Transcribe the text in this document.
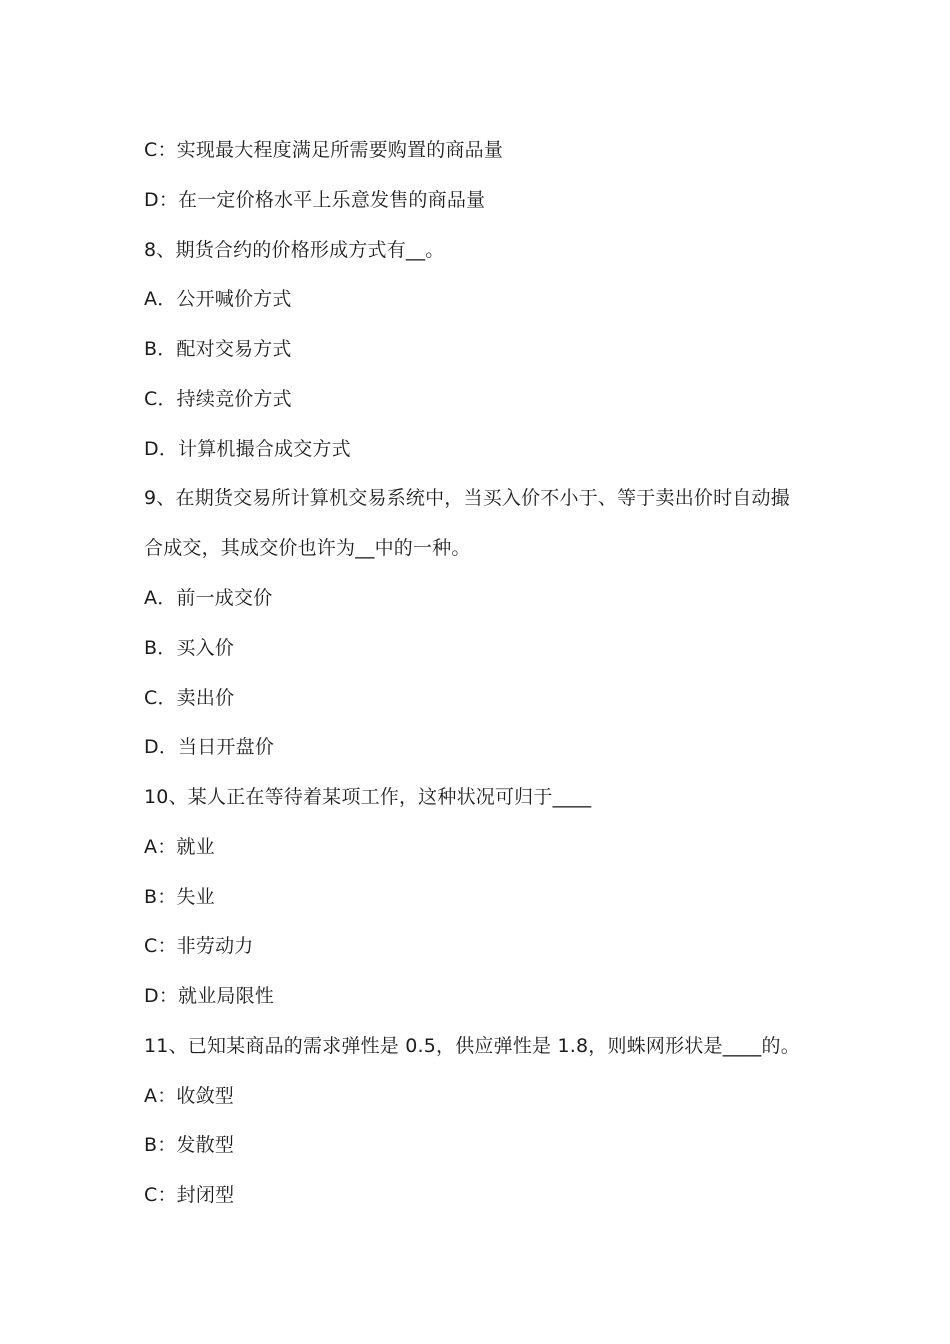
C：实现最大程度满足所需要购置的商品量
D：在一定价格水平上乐意发售的商品量
8、期货合约的价格形成方式有__。
A．公开喊价方式
B．配对交易方式
C．持续竞价方式
D．计算机撮合成交方式
9、在期货交易所计算机交易系统中，当买入价不小于、等于卖出价时自动撮
合成交，其成交价也许为__中的一种。
A．前一成交价
B．买入价
C．卖出价
D．当日开盘价
10、某人正在等待着某项工作，这种状况可归于____
A：就业
B：失业
C：非劳动力
D：就业局限性
11、已知某商品的需求弹性是 0.5，供应弹性是 1.8，则蛛网形状是____的。
A：收敛型
B：发散型
C：封闭型
